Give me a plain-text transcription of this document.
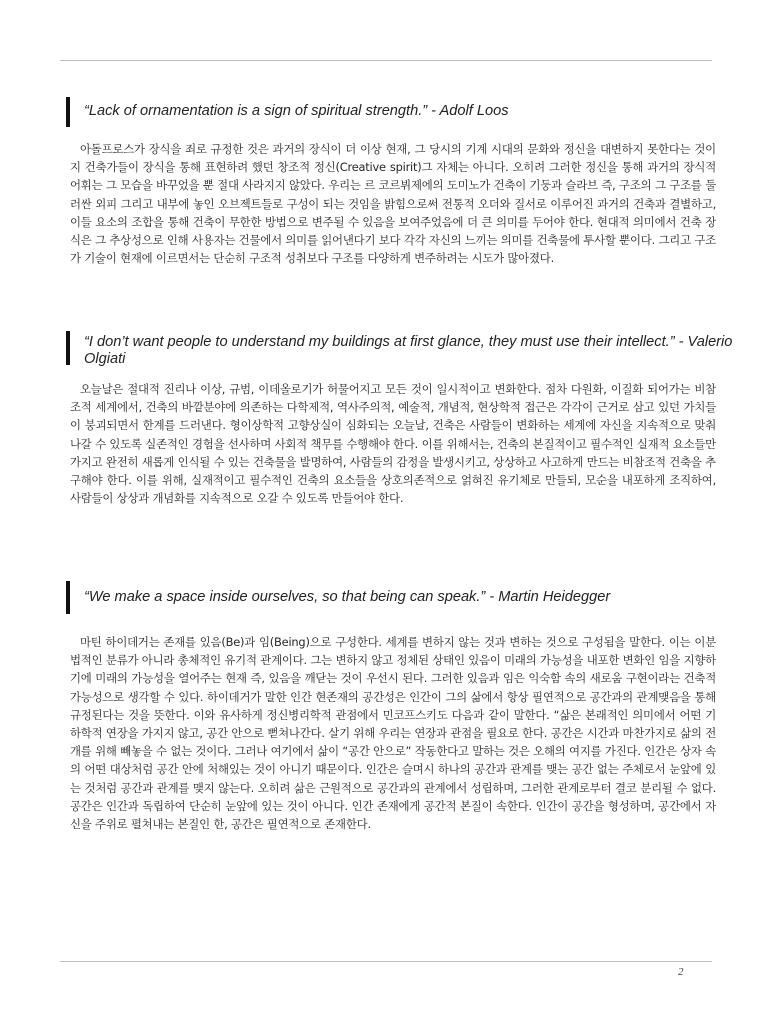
“Lack of ornamentation is a sign of spiritual strength.” - Adolf Loos

아돌프로스가 장식을 죄로 규정한 것은 과거의 장식이 더 이상 현재, 그 당시의 기계 시대의 문화와 정신을 대변하지 못한다는 것이지 건축가들이 장식을 통해 표현하려 했던 창조적 정신(Creative spirit)그 자체는 아니다. 오히려 그러한 정신을 통해 과거의 장식적 어휘는 그 모습을 바꾸었을 뿐 절대 사라지지 않았다. 우리는 르 코르뷔제에의 도미노가 건축이 기둥과 슬라브 즉, 구조의 그 구조를 둘러싼 외피 그리고 내부에 놓인 오브젝트들로 구성이 되는 것임을 밝힘으로써 전통적 오더와 질서로 이루어진 과거의 건축과 결별하고, 이들 요소의 조합을 통해 건축이 무한한 방법으로 변주될 수 있음을 보여주었음에 더 큰 의미를 두어야 한다. 현대적 의미에서 건축 장식은 그 추상성으로 인해 사용자는 건물에서 의미를 읽어낸다기 보다 각각 자신의 느끼는 의미를 건축물에 투사할 뿐이다. 그리고 구조가 기술이 현재에 이르면서는 단순히 구조적 성취보다 구조를 다양하게 변주하려는 시도가 많아졌다.

“I don’t want people to understand my buildings at first glance, they must use their intellect.” - Valerio Olgiati

오늘날은 절대적 진리나 이상, 규범, 이데올로기가 허물어지고 모든 것이 일시적이고 변화한다. 점차 다원화, 이질화 되어가는 비참조적 세계에서, 건축의 바깥분야에 의존하는 다학제적, 역사주의적, 예술적, 개념적, 현상학적 접근은 각각이 근거로 삼고 있던 가치들이 붕괴되면서 한계를 드러낸다. 형이상학적 고향상실이 심화되는 오늘날, 건축은 사람들이 변화하는 세계에 자신을 지속적으로 맞춰나갈 수 있도록 실존적인 경험을 선사하며 사회적 책무를 수행해야 한다. 이를 위해서는, 건축의 본질적이고 필수적인 실재적 요소들만 가지고 완전히 새롭게 인식될 수 있는 건축물을 발명하여, 사람들의 감정을 발생시키고, 상상하고 사고하게 만드는 비참조적 건축을 추구해야 한다. 이를 위해, 실재적이고 필수적인 건축의 요소들을 상호의존적으로 얽혀진 유기체로 만들되, 모순을 내포하게 조직하여, 사람들이 상상과 개념화를 지속적으로 오갈 수 있도록 만들어야 한다.

“We make a space inside ourselves, so that being can speak.” - Martin Heidegger

마틴 하이데거는 존재를 있음(Be)과 임(Being)으로 구성한다. 세계를 변하지 않는 것과 변하는 것으로 구성됨을 말한다. 이는 이분법적인 분류가 아니라 총체적인 유기적 관계이다. 그는 변하지 않고 정체된 상태인 있음이 미래의 가능성을 내포한 변화인 임을 지향하기에 미래의 가능성을 열어주는 현재 즉, 있음을 깨닫는 것이 우선시 된다. 그러한 있음과 임은 익숙함 속의 새로움 구현이라는 건축적 가능성으로 생각할 수 있다. 하이데거가 말한 인간 현존재의 공간성은 인간이 그의 삶에서 항상 필연적으로 공간과의 관계맺음을 통해 규정된다는 것을 뜻한다. 이와 유사하게 정신병리학적 관점에서 민코프스키도 다음과 같이 말한다. “삶은 본래적인 의미에서 어떤 기하학적 연장을 가지지 않고, 공간 안으로 뻗쳐나간다. 살기 위해 우리는 연장과 관점을 필요로 한다. 공간은 시간과 마찬가지로 삶의 전개를 위해 빼놓을 수 없는 것이다. 그러나 여기에서 삶이 “공간 안으로” 작동한다고 말하는 것은 오해의 여지를 가진다. 인간은 상자 속의 어떤 대상처럼 공간 안에 처해있는 것이 아니기 때문이다. 인간은 슬며시 하나의 공간과 관계를 맺는 공간 없는 주체로서 눈앞에 있는 것처럼 공간과 관계를 맺지 않는다. 오히려 삶은 근원적으로 공간과의 관계에서 성립하며, 그러한 관계로부터 결코 분리될 수 없다. 공간은 인간과 독립하여 단순히 눈앞에 있는 것이 아니다. 인간 존재에게 공간적 본질이 속한다. 인간이 공간을 형성하며, 공간에서 자신을 주위로 펼쳐내는 본질인 한, 공간은 필연적으로 존재한다.

2
